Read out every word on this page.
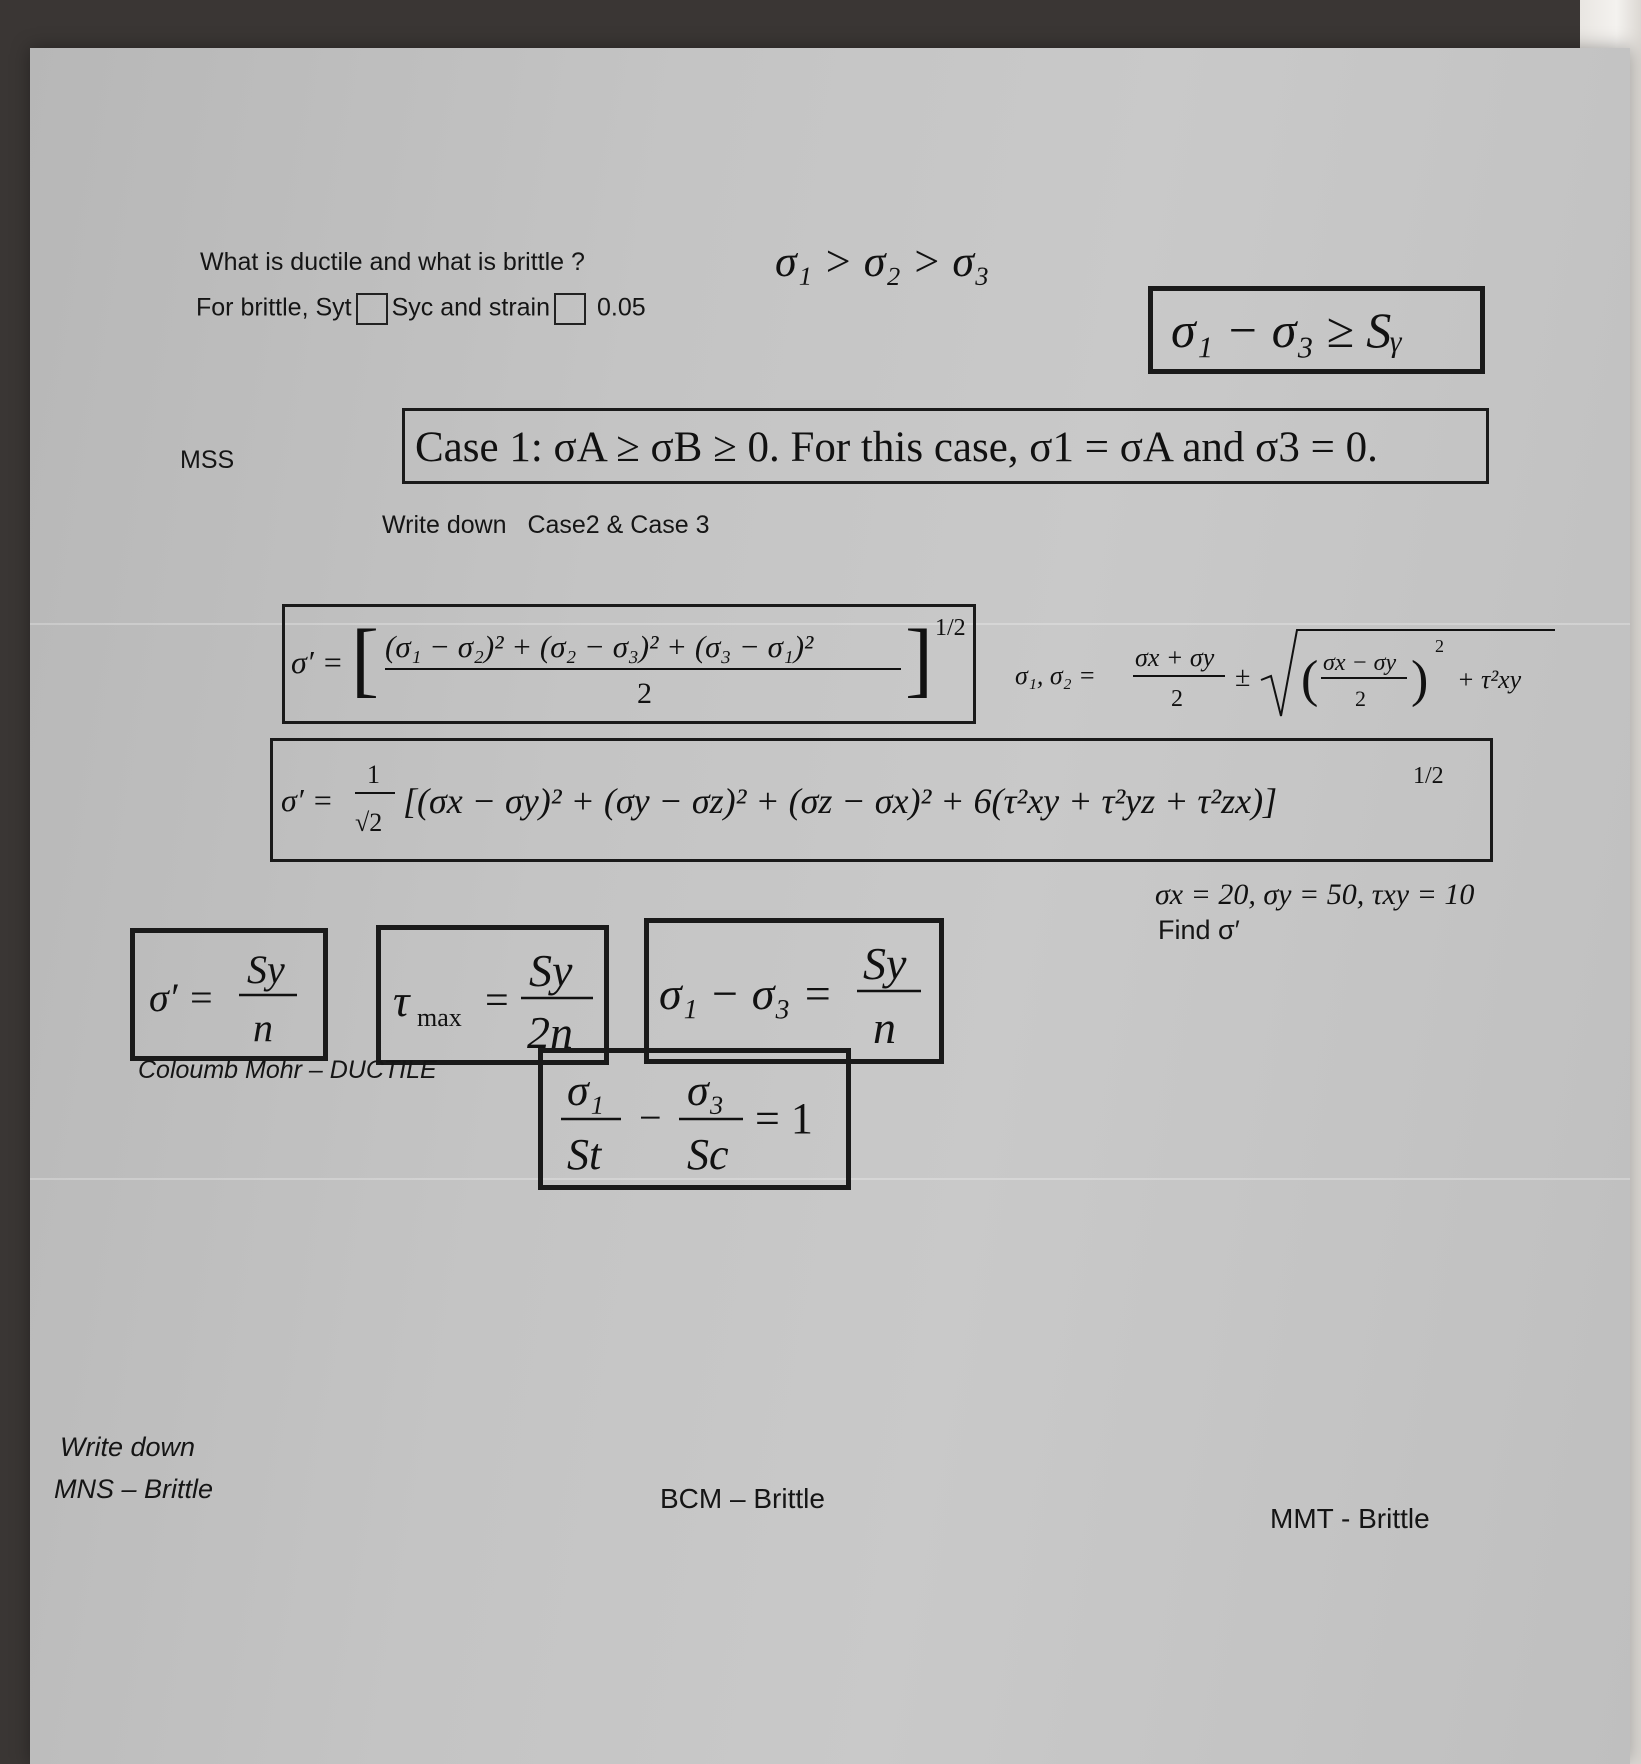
What is ductile and what is brittle ?
For brittle, Syt Syc and strain 0.05
σ₁ > σ₂ > σ₃
σ₁ − σ₃ ≥ Sᵧ
MSS	Case 1: σA ≥ σB ≥ 0. For this case, σ1 = σA and σ3 = 0.
Write down Case2 & Case 3
σ′ = [ (σ₁ − σ₂)² + (σ₂ − σ₃)² + (σ₃ − σ₁)²
2	] 1/2
σ₁, σ₂ =
σx + σy
2
± ( σx − σy
2 )
2
+ τ²xy
σ′ =
1
√2
[(σx − σy)² + (σy − σz)² + (σz − σx)² + 6(τ²xy + τ²yz + τ²zx)]
1/2
σx = 20, σy = 50, τxy = 10
Find σ′
σ′ =
Sy
n
τ max =
Sy
2n
σ₁ − σ₃ =
Sy
n
Coloumb Mohr – DUCTILE	σ₁
St
−
σ₃
Sc
= 1
Write down
MNS – Brittle	BCM – Brittle
MMT - Brittle
